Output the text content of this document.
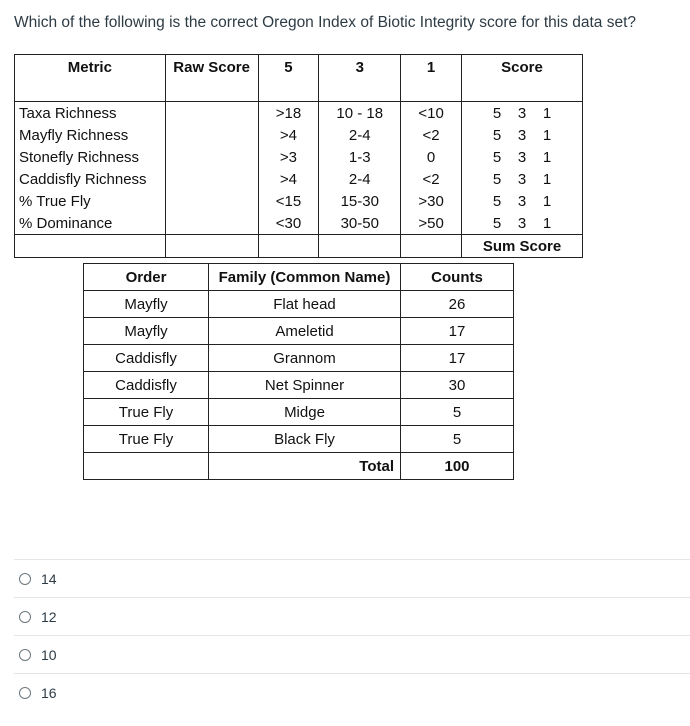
Which of the following is the correct Oregon Index of Biotic Integrity score for this data set?
Metric	Raw Score	5	3	1	Score
Taxa Richness		>18	10 - 18	<10	5 3 1

Mayfly Richness		>4	2-4	<2	5 3 1

Stonefly Richness		>3	1-3	0	5 3 1

Caddisfly Richness		>4	2-4	<2	5 3 1

% True Fly		<15	15-30	>30	5 3 1

% Dominance		<30	30-50	>50	5 3 1

					Sum Score
Order	Family (Common Name)	Counts
Mayfly	Flat head	26
Mayfly	Ameletid	17
Caddisfly	Grannom	17
Caddisfly	Net Spinner	30
True Fly	Midge	5
True Fly	Black Fly	5
	Total	100
14
12
10
16
